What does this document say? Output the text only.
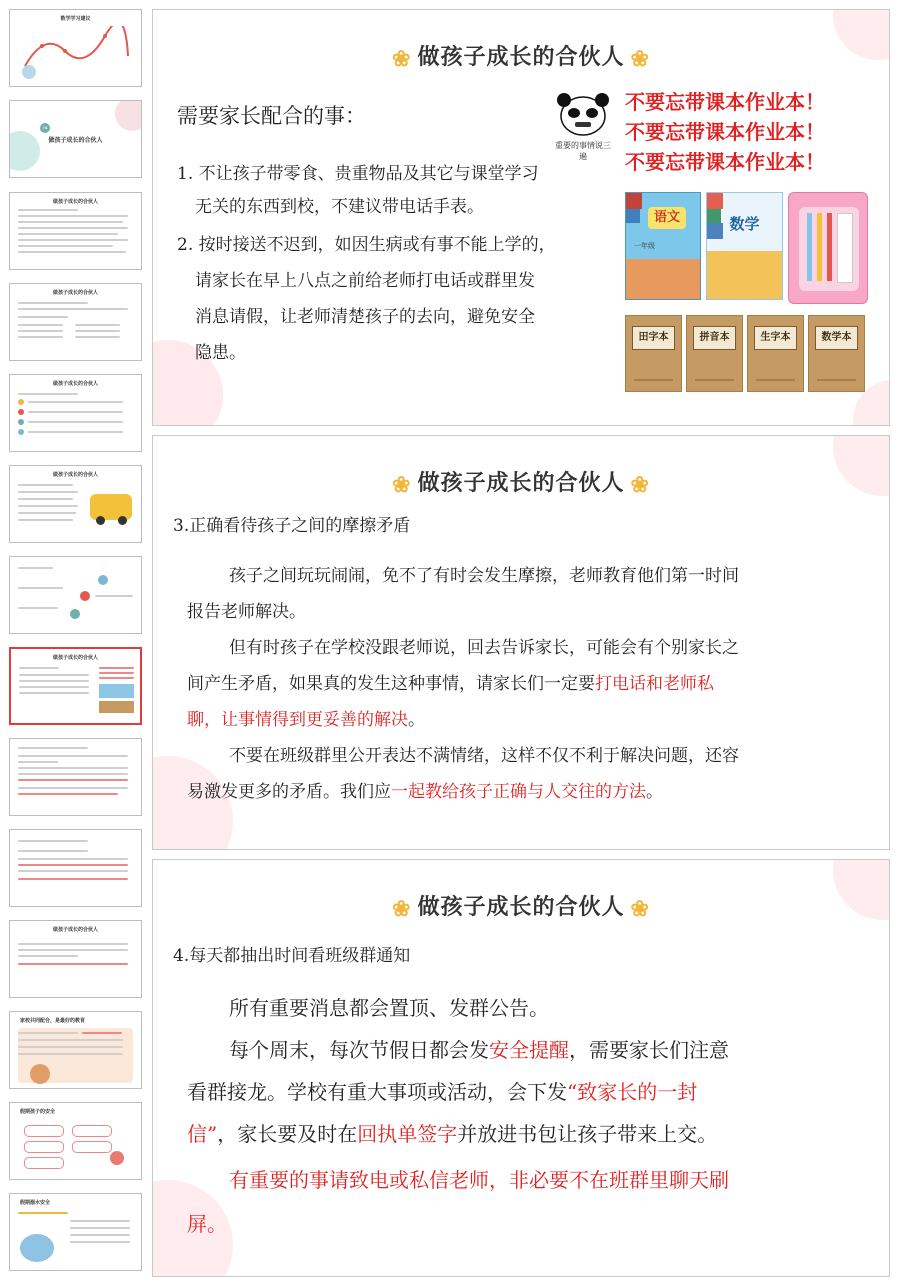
数学学习建议
04
做孩子成长的合伙人
做孩子成长的合伙人
做孩子成长的合伙人
做孩子成长的合伙人
做孩子成长的合伙人
做孩子成长的合伙人
做孩子成长的合伙人
家校共同配合，是最好的教育
假期孩子的安全
假期溺水安全
❀ 做孩子成长的合伙人 ❀
需要家长配合的事：
1. 不让孩子带零食、贵重物品及其它与课堂学习
无关的东西到校，不建议带电话手表。
2. 按时接送不迟到，如因生病或有事不能上学的，
请家长在早上八点之前给老师打电话或群里发
消息请假，让老师清楚孩子的去向，避免安全
隐患。
重要的事情说三遍
不要忘带课本作业本！
不要忘带课本作业本！
不要忘带课本作业本！
语文
一年级
数学
田字本	拼音本	生字本	数学本
❀ 做孩子成长的合伙人 ❀
3.正确看待孩子之间的摩擦矛盾
孩子之间玩玩闹闹，免不了有时会发生摩擦，老师教育他们第一时间
报告老师解决。
但有时孩子在学校没跟老师说，回去告诉家长，可能会有个别家长之
间产生矛盾，如果真的发生这种事情，请家长们一定要打电话和老师私
聊，让事情得到更妥善的解决。
不要在班级群里公开表达不满情绪，这样不仅不利于解决问题，还容
易激发更多的矛盾。我们应一起教给孩子正确与人交往的方法。
❀ 做孩子成长的合伙人 ❀
4.每天都抽出时间看班级群通知
所有重要消息都会置顶、发群公告。
每个周末，每次节假日都会发安全提醒，需要家长们注意
看群接龙。学校有重大事项或活动，会下发“致家长的一封
信”，家长要及时在回执单签字并放进书包让孩子带来上交。
有重要的事请致电或私信老师，非必要不在班群里聊天刷
屏。
